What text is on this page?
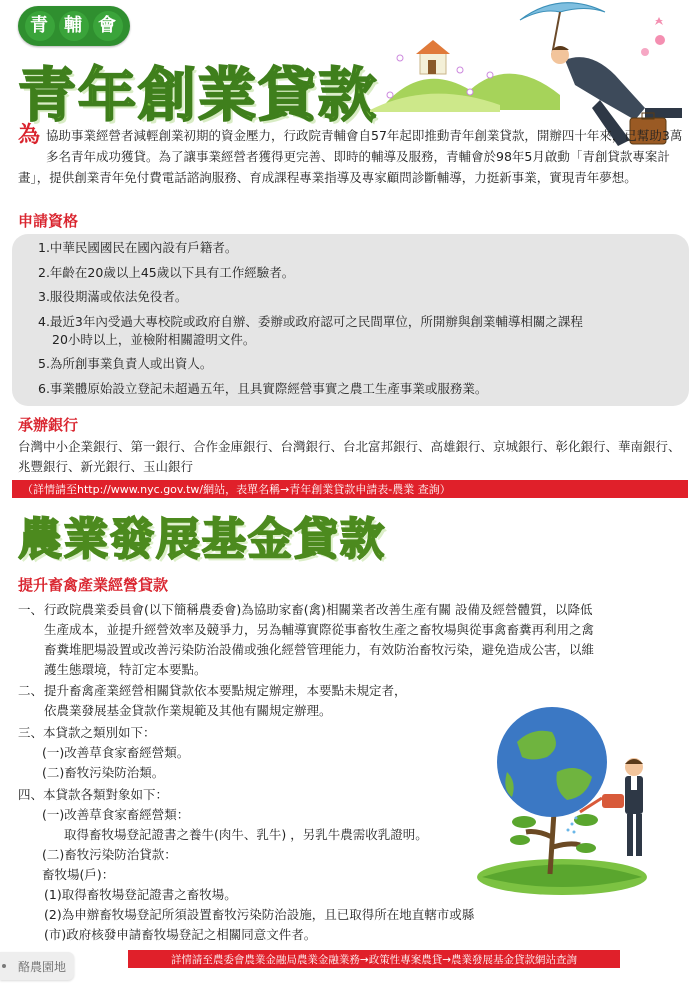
青 輔 會
青年創業貸款
為 協助事業經營者減輕創業初期的資金壓力，行政院青輔會自57年起即推動青年創業貸款，開辦四十年來，已幫助3萬多名青年成功獲貸。為了讓事業經營者獲得更完善、即時的輔導及服務，青輔會於98年5月啟動「青創貸款專案計畫」，提供創業青年免付費電話諮詢服務、育成課程專業指導及專家顧問診斷輔導，力挺新事業，實現青年夢想。
申請資格
1.中華民國國民在國內設有戶籍者。
2.年齡在20歲以上45歲以下具有工作經驗者。
3.服役期滿或依法免役者。
4.最近3年內受過大專校院或政府自辦、委辦或政府認可之民間單位，所開辦與創業輔導相關之課程
20小時以上，並檢附相關證明文件。
5.為所創事業負責人或出資人。
6.事業體原始設立登記未超過五年，且具實際經營事實之農工生產事業或服務業。
承辦銀行
台灣中小企業銀行、第一銀行、合作金庫銀行、台灣銀行、台北富邦銀行、高雄銀行、京城銀行、彰化銀行、華南銀行、兆豐銀行、新光銀行、玉山銀行
（詳情請至http://www.nyc.gov.tw/網站，表單名稱→青年創業貸款申請表-農業 查詢）
農業發展基金貸款
提升畜禽產業經營貸款
一、 行政院農業委員會(以下簡稱農委會)為協助家畜(禽)相關業者改善生產有關 設備及經營體質，以降低
生產成本，並提升經營效率及競爭力，另為輔導實際從事畜牧生產之畜牧場與從事禽畜糞再利用之禽
畜糞堆肥場設置或改善污染防治設備或強化經營管理能力，有效防治畜牧污染，避免造成公害，以維
護生態環境，特訂定本要點。
二、 提升畜禽產業經營相關貸款依本要點規定辦理，本要點未規定者，
依農業發展基金貸款作業規範及其他有關規定辦理。
三、本貸款之類別如下：
(一)改善草食家畜經營類。
(二)畜牧污染防治類。
四、本貸款各類對象如下：
(一)改善草食家畜經營類：
取得畜牧場登記證書之養牛(肉牛、乳牛) ，另乳牛農需收乳證明。
(二)畜牧污染防治貸款：
畜牧場(戶)：
(1)取得畜牧場登記證書之畜牧場。
(2)為申辦畜牧場登記所須設置畜牧污染防治設施，且已取得所在地直轄市或縣
(市)政府核發申請畜牧場登記之相關同意文件者。
詳情請至農委會農業金融局農業金融業務→政策性專案農貸→農業發展基金貸款網站查詢
酪農園地
